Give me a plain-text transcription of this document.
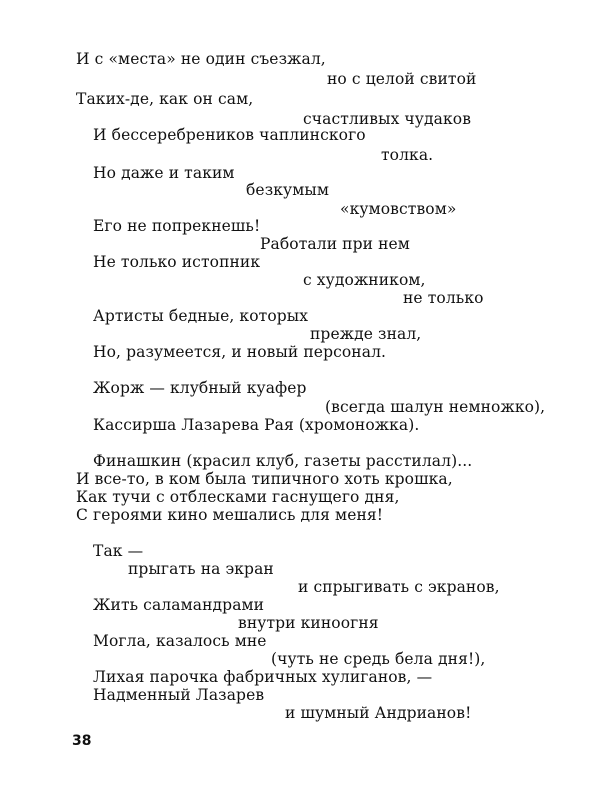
И с «места» не один съезжал,
но с целой свитой
Таких-де, как он сам,
счастливых чудаков
И бессеребреников чаплинского
толка.
Но даже и таким
безкумым
«кумовством»
Его не попрекнешь!
Работали при нем
Не только истопник
с художником,
не только
Артисты бедные, которых
прежде знал,
Но, разумеется, и новый персонал.
Жорж — клубный куафер
(всегда шалун немножко),
Кассирша Лазарева Рая (хромоножка).
Финашкин (красил клуб, газеты расстилал)...
И все-то, в ком была типичного хоть крошка,
Как тучи с отблесками гаснущего дня,
С героями кино мешались для меня!
Так —
прыгать на экран
и спрыгивать с экранов,
Жить саламандрами
внутри киноогня
Могла, казалось мне
(чуть не средь бела дня!),
Лихая парочка фабричных хулиганов, —
Надменный Лазарев
и шумный Андрианов!
38
